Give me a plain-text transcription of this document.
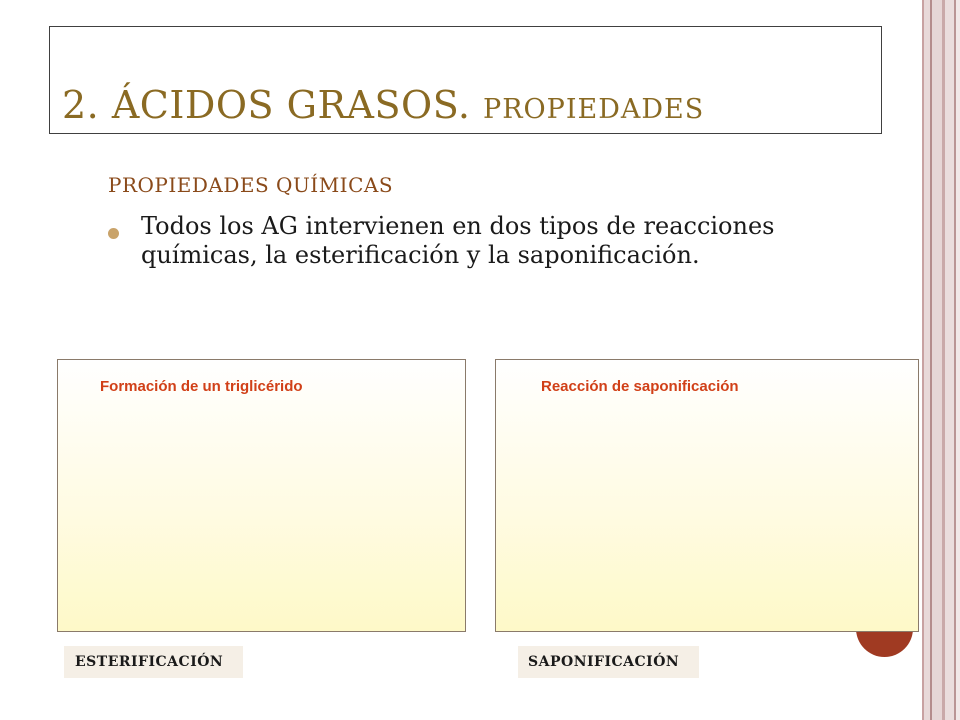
2. ÁCIDOS GRASOS. PROPIEDADES
PROPIEDADES QUÍMICAS
Todos los AG intervienen en dos tipos de reacciones químicas, la esterificación y la saponificación.
Formación de un triglicérido	Reacción de saponificación
ESTERIFICACIÓN	SAPONIFICACIÓN
